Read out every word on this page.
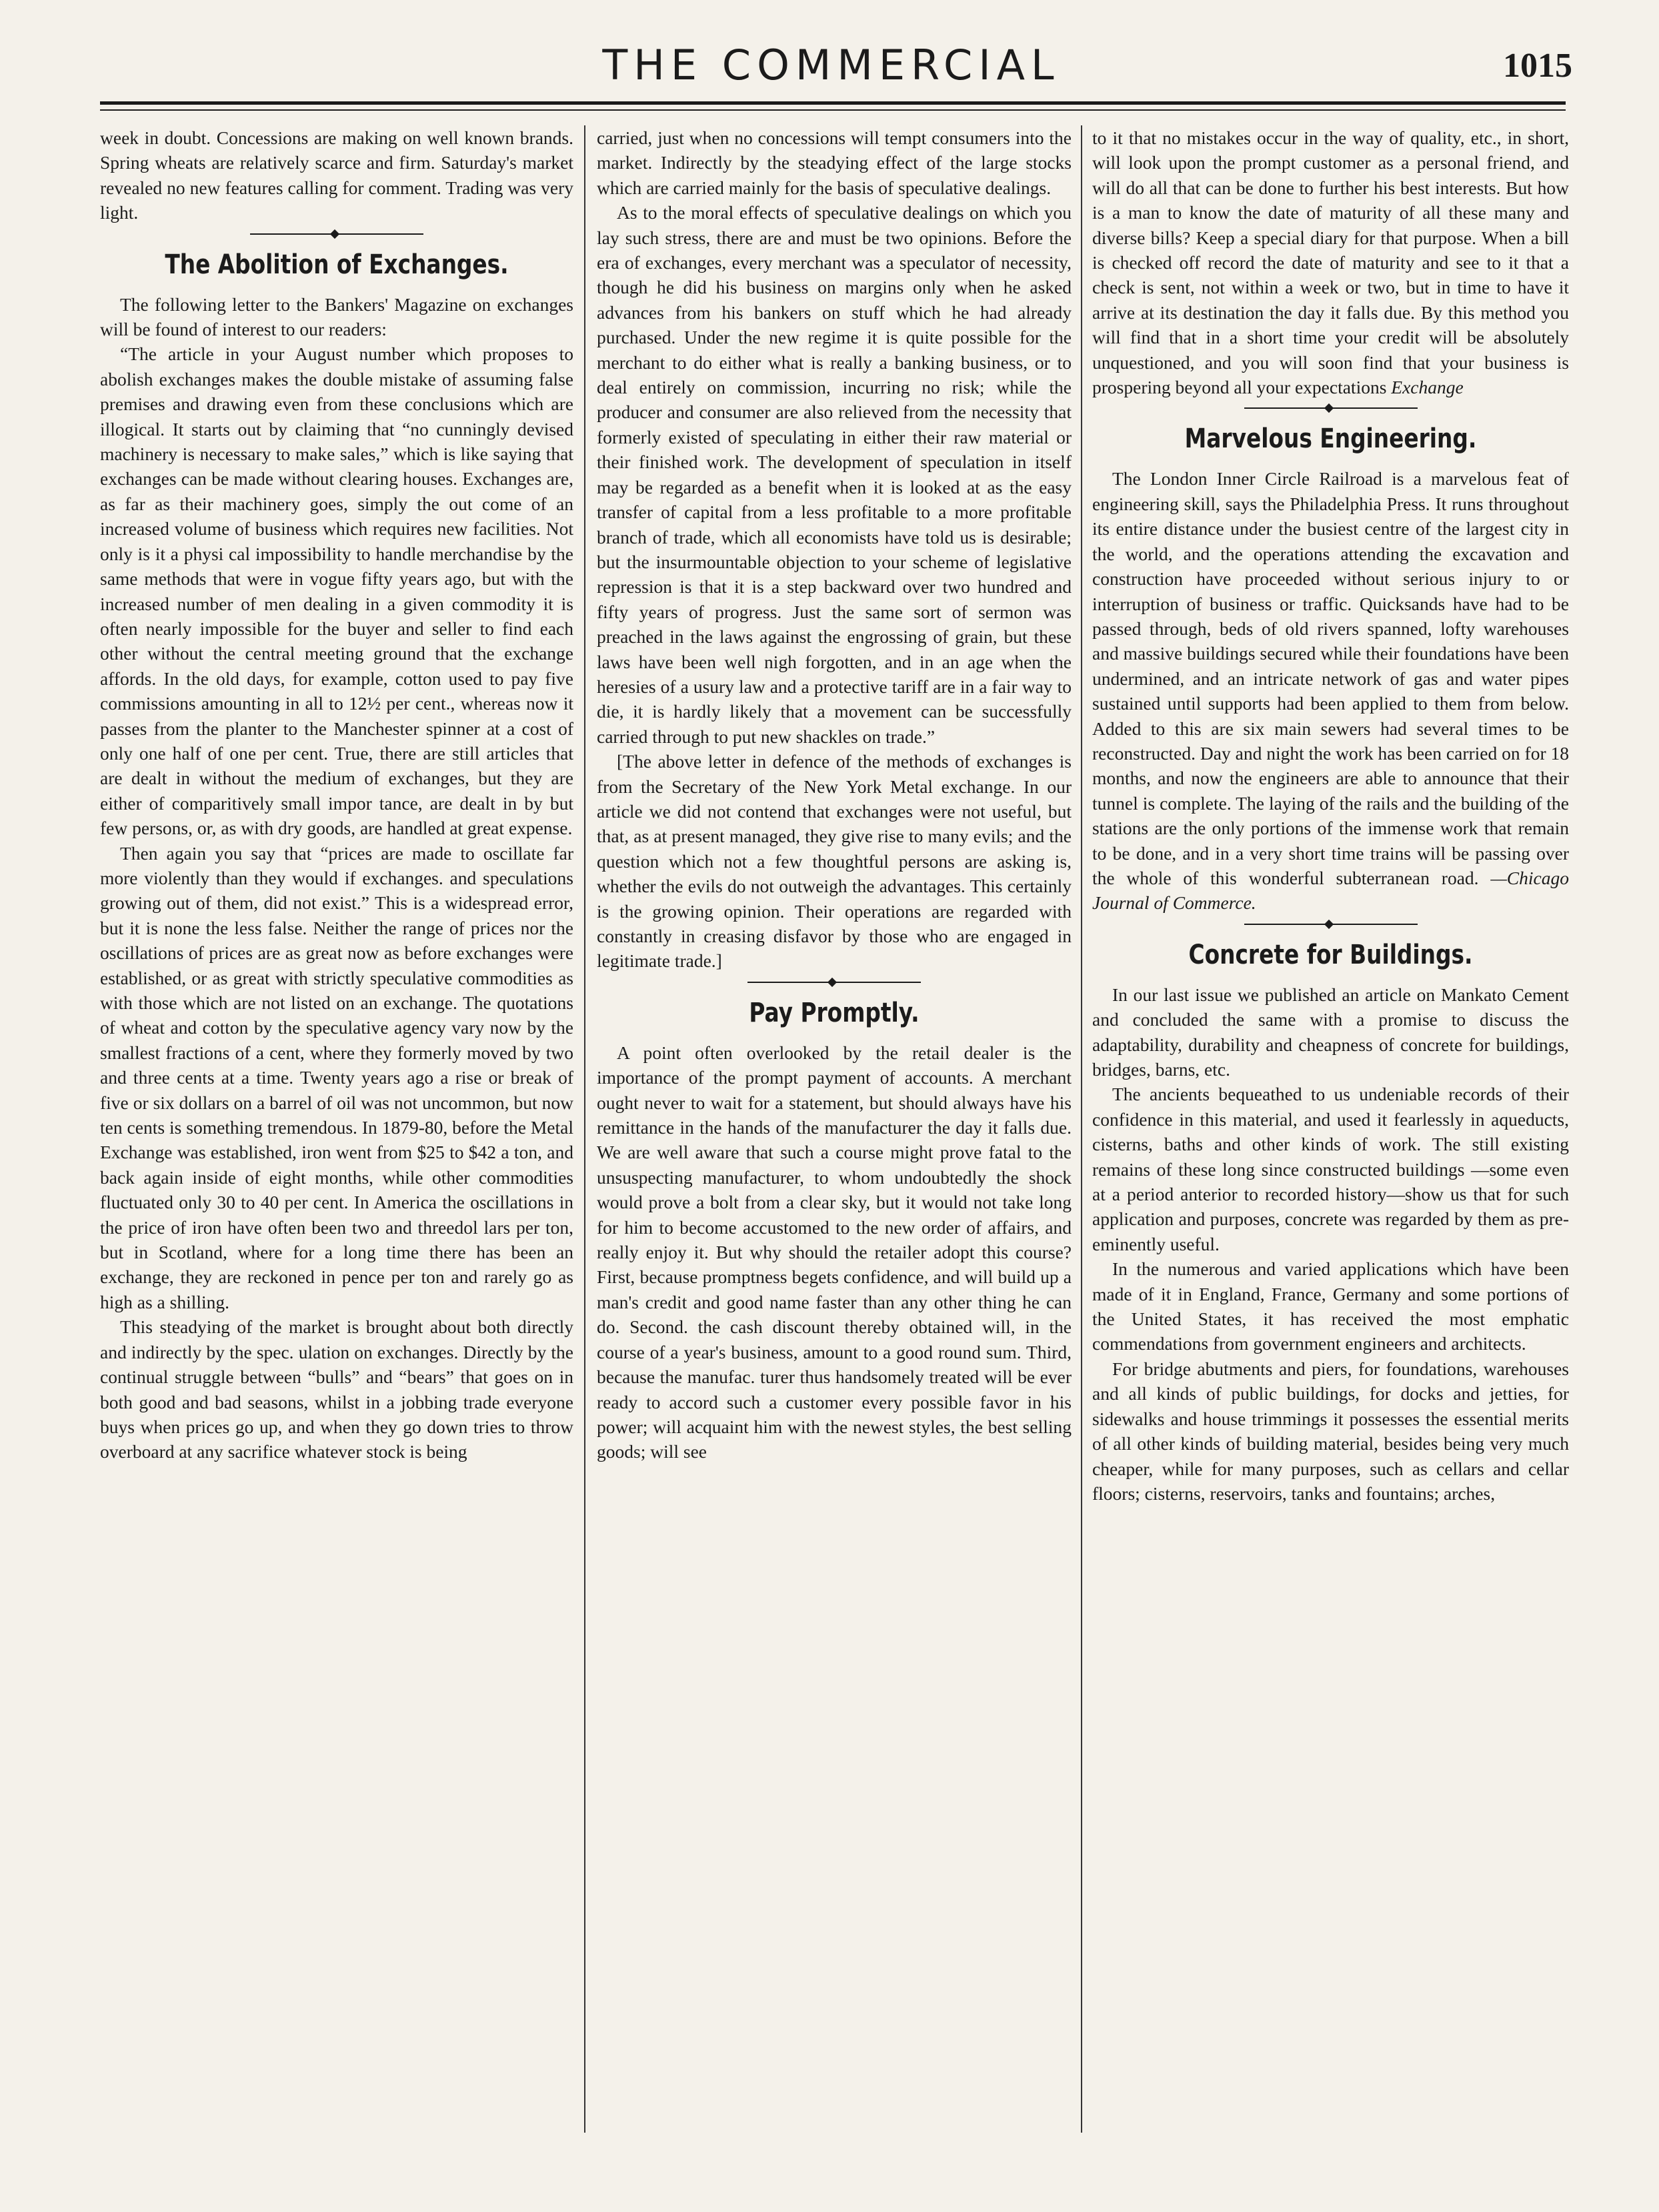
THE COMMERCIAL	1015

week in doubt. Concessions are making on well known brands. Spring wheats are relatively scarce and firm. Saturday's market revealed no new features calling for comment. Trading was very light.

The Abolition of Exchanges.

The following letter to the Bankers' Magazine on exchanges will be found of interest to our readers:

“The article in your August number which proposes to abolish exchanges makes the double mistake of assuming false premises and drawing even from these conclusions which are illogical. It starts out by claiming that “no cunningly devised machinery is necessary to make sales,” which is like saying that exchanges can be made without clearing houses. Exchanges are, as far as their machinery goes, simply the out come of an increased volume of business which requires new facilities. Not only is it a physi cal impossibility to handle merchandise by the same methods that were in vogue fifty years ago, but with the increased number of men dealing in a given commodity it is often nearly impossible for the buyer and seller to find each other without the central meeting ground that the exchange affords. In the old days, for example, cotton used to pay five commissions amounting in all to 12½ per cent., whereas now it passes from the planter to the Manchester spinner at a cost of only one half of one per cent. True, there are still articles that are dealt in without the medium of exchanges, but they are either of comparitively small impor tance, are dealt in by but few persons, or, as with dry goods, are handled at great expense.

Then again you say that “prices are made to oscillate far more violently than they would if exchanges. and speculations growing out of them, did not exist.” This is a widespread error, but it is none the less false. Neither the range of prices nor the oscillations of prices are as great now as before exchanges were established, or as great with strictly speculative commodities as with those which are not listed on an exchange. The quotations of wheat and cotton by the speculative agency vary now by the smallest fractions of a cent, where they formerly moved by two and three cents at a time. Twenty years ago a rise or break of five or six dollars on a barrel of oil was not uncommon, but now ten cents is something tremendous. In 1879-80, before the Metal Exchange was established, iron went from $25 to $42 a ton, and back again inside of eight months, while other commodities fluctuated only 30 to 40 per cent. In America the oscillations in the price of iron have often been two and threedol lars per ton, but in Scotland, where for a long time there has been an exchange, they are reckoned in pence per ton and rarely go as high as a shilling.

This steadying of the market is brought about both directly and indirectly by the spec. ulation on exchanges. Directly by the continual struggle between “bulls” and “bears” that goes on in both good and bad seasons, whilst in a jobbing trade everyone buys when prices go up, and when they go down tries to throw overboard at any sacrifice whatever stock is being

carried, just when no concessions will tempt consumers into the market. Indirectly by the steadying effect of the large stocks which are carried mainly for the basis of speculative dealings.

As to the moral effects of speculative dealings on which you lay such stress, there are and must be two opinions. Before the era of exchanges, every merchant was a speculator of necessity, though he did his business on margins only when he asked advances from his bankers on stuff which he had already purchased. Under the new regime it is quite possible for the merchant to do either what is really a banking business, or to deal entirely on commission, incurring no risk; while the producer and consumer are also relieved from the necessity that formerly existed of speculating in either their raw material or their finished work. The development of speculation in itself may be regarded as a benefit when it is looked at as the easy transfer of capital from a less profitable to a more profitable branch of trade, which all economists have told us is desirable; but the insurmountable objection to your scheme of legislative repression is that it is a step backward over two hundred and fifty years of progress. Just the same sort of sermon was preached in the laws against the engrossing of grain, but these laws have been well nigh forgotten, and in an age when the heresies of a usury law and a protective tariff are in a fair way to die, it is hardly likely that a movement can be successfully carried through to put new shackles on trade.”

[The above letter in defence of the methods of exchanges is from the Secretary of the New York Metal exchange. In our article we did not contend that exchanges were not useful, but that, as at present managed, they give rise to many evils; and the question which not a few thoughtful persons are asking is, whether the evils do not outweigh the advantages. This certainly is the growing opinion. Their operations are regarded with constantly in creasing disfavor by those who are engaged in legitimate trade.]

Pay Promptly.

A point often overlooked by the retail dealer is the importance of the prompt payment of accounts. A merchant ought never to wait for a statement, but should always have his remittance in the hands of the manufacturer the day it falls due. We are well aware that such a course might prove fatal to the unsuspecting manufacturer, to whom undoubtedly the shock would prove a bolt from a clear sky, but it would not take long for him to become accustomed to the new order of affairs, and really enjoy it. But why should the retailer adopt this course? First, because promptness begets confidence, and will build up a man's credit and good name faster than any other thing he can do. Second. the cash discount thereby obtained will, in the course of a year's business, amount to a good round sum. Third, because the manufac. turer thus handsomely treated will be ever ready to accord such a customer every possible favor in his power; will acquaint him with the newest styles, the best selling goods; will see

to it that no mistakes occur in the way of quality, etc., in short, will look upon the prompt customer as a personal friend, and will do all that can be done to further his best interests. But how is a man to know the date of maturity of all these many and diverse bills? Keep a special diary for that purpose. When a bill is checked off record the date of maturity and see to it that a check is sent, not within a week or two, but in time to have it arrive at its destination the day it falls due. By this method you will find that in a short time your credit will be absolutely unquestioned, and you will soon find that your business is prospering beyond all your expectations Exchange

Marvelous Engineering.

The London Inner Circle Railroad is a marvelous feat of engineering skill, says the Philadelphia Press. It runs throughout its entire distance under the busiest centre of the largest city in the world, and the operations attending the excavation and construction have proceeded without serious injury to or interruption of business or traffic. Quicksands have had to be passed through, beds of old rivers spanned, lofty warehouses and massive buildings secured while their foundations have been undermined, and an intricate network of gas and water pipes sustained until supports had been applied to them from below. Added to this are six main sewers had several times to be reconstructed. Day and night the work has been carried on for 18 months, and now the engineers are able to announce that their tunnel is complete. The laying of the rails and the building of the stations are the only portions of the immense work that remain to be done, and in a very short time trains will be passing over the whole of this wonderful subterranean road. —Chicago Journal of Commerce.

Concrete for Buildings.

In our last issue we published an article on Mankato Cement and concluded the same with a promise to discuss the adaptability, durability and cheapness of concrete for buildings, bridges, barns, etc.

The ancients bequeathed to us undeniable records of their confidence in this material, and used it fearlessly in aqueducts, cisterns, baths and other kinds of work. The still existing remains of these long since constructed buildings —some even at a period anterior to recorded history—show us that for such application and purposes, concrete was regarded by them as pre-eminently useful.

In the numerous and varied applications which have been made of it in England, France, Germany and some portions of the United States, it has received the most emphatic commendations from government engineers and architects.

For bridge abutments and piers, for foundations, warehouses and all kinds of public buildings, for docks and jetties, for sidewalks and house trimmings it possesses the essential merits of all other kinds of building material, besides being very much cheaper, while for many purposes, such as cellars and cellar floors; cisterns, reservoirs, tanks and fountains; arches,
